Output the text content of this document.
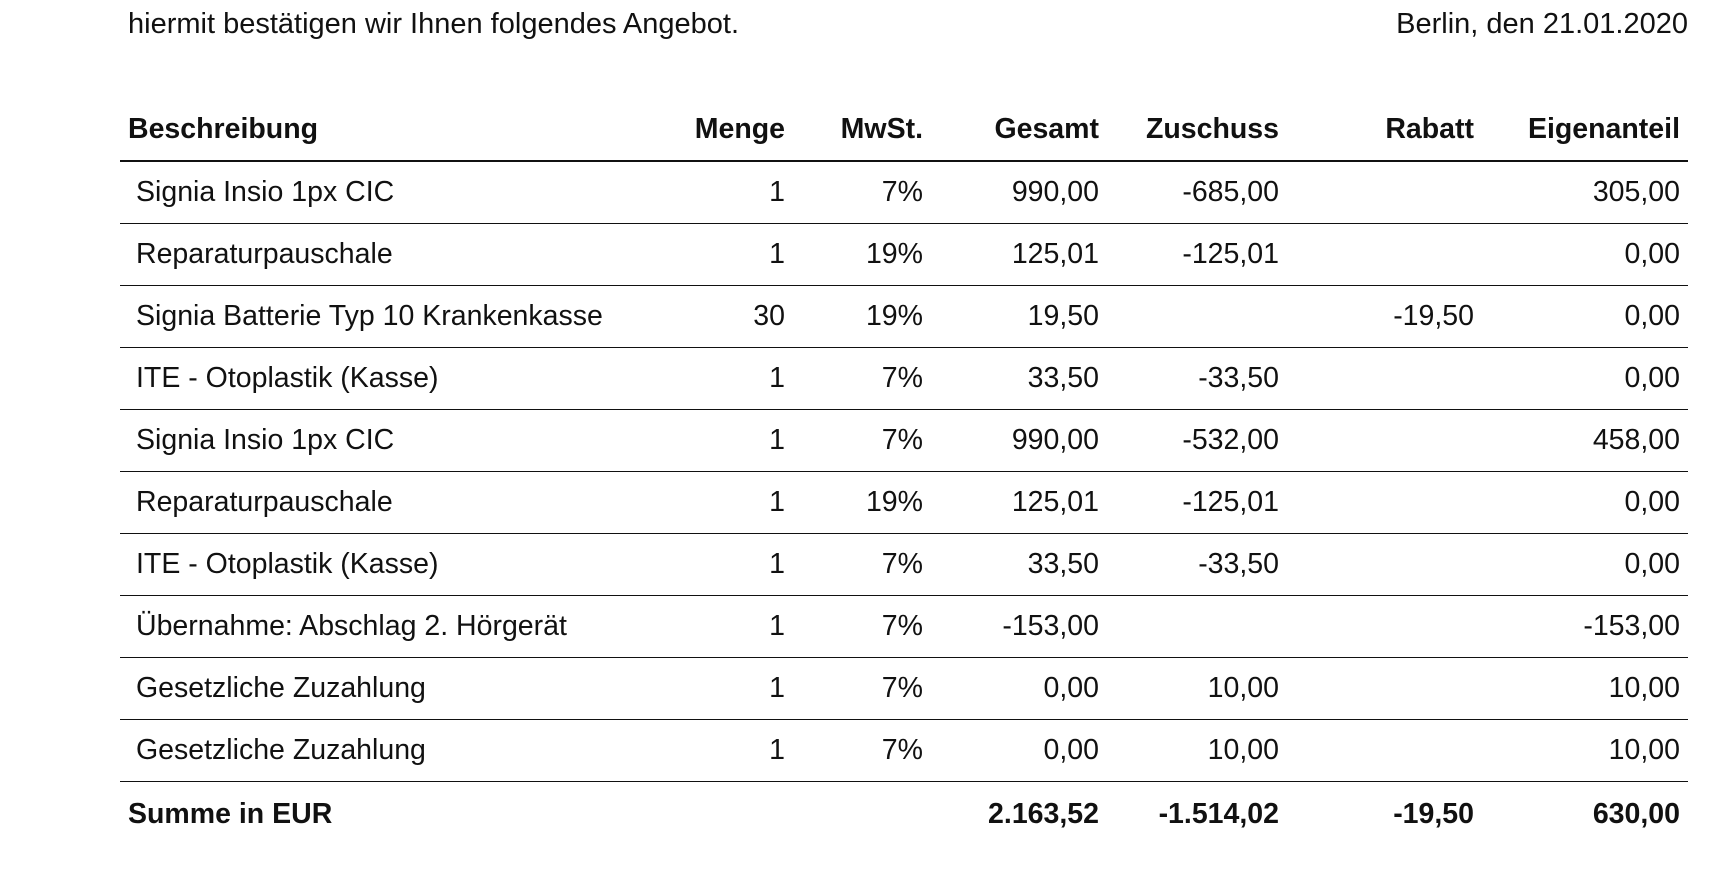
hiermit bestätigen wir Ihnen folgendes Angebot.	Berlin, den 21.01.2020
Beschreibung	Menge	MwSt.	Gesamt	Zuschuss	Rabatt	Eigenanteil
Signia Insio 1px CIC	1	7%	990,00	-685,00		305,00
Reparaturpauschale	1	19%	125,01	-125,01		0,00
Signia Batterie Typ 10 Krankenkasse	30	19%	19,50		-19,50	0,00
ITE - Otoplastik (Kasse)	1	7%	33,50	-33,50		0,00
Signia Insio 1px CIC	1	7%	990,00	-532,00		458,00
Reparaturpauschale	1	19%	125,01	-125,01		0,00
ITE - Otoplastik (Kasse)	1	7%	33,50	-33,50		0,00
Übernahme: Abschlag 2. Hörgerät	1	7%	-153,00			-153,00
Gesetzliche Zuzahlung	1	7%	0,00	10,00		10,00
Gesetzliche Zuzahlung	1	7%	0,00	10,00		10,00
Summe in EUR			2.163,52	-1.514,02	-19,50	630,00
